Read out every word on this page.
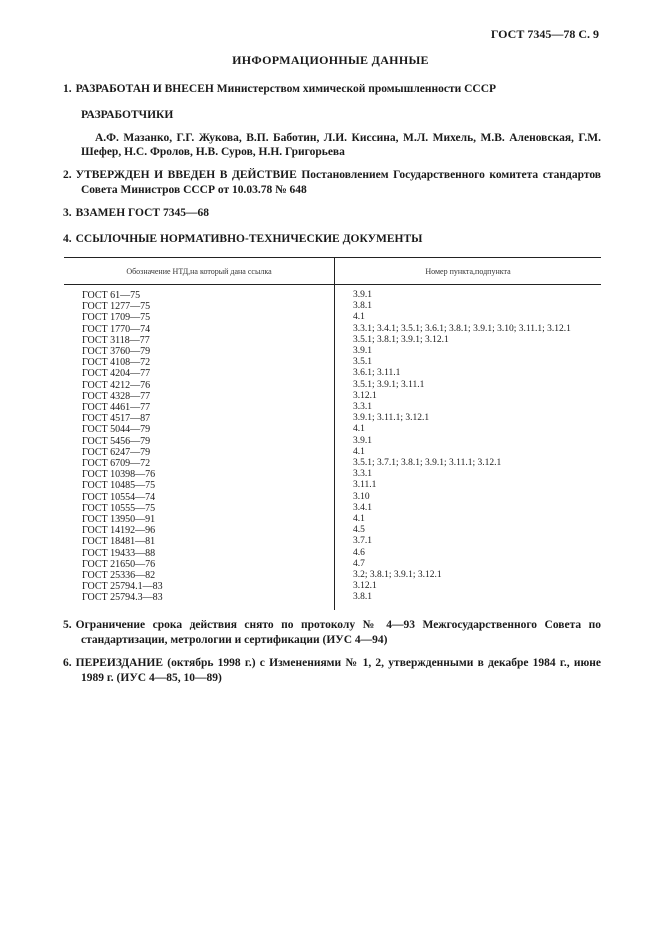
ГОСТ 7345—78 С. 9
ИНФОРМАЦИОННЫЕ ДАННЫЕ
1. РАЗРАБОТАН И ВНЕСЕН Министерством химической промышленности СССР
РАЗРАБОТЧИКИ
А.Ф. Мазанко, Г.Г. Жукова, В.П. Баботин, Л.И. Киссина, М.Л. Михель, М.В. Аленовская, Г.М. Шефер, Н.С. Фролов, Н.В. Суров, Н.Н. Григорьева
2. УТВЕРЖДЕН И ВВЕДЕН В ДЕЙСТВИЕ Постановлением Государственного комитета стандартов Совета Министров СССР от 10.03.78 № 648
3. ВЗАМЕН ГОСТ 7345—68
4. ССЫЛОЧНЫЕ НОРМАТИВНО-ТЕХНИЧЕСКИЕ ДОКУМЕНТЫ
Обозначение НТД,на который дана ссылка	Номер пункта,подпункта
ГОСТ 61—75	3.9.1
ГОСТ 1277—75	3.8.1
ГОСТ 1709—75	4.1
ГОСТ 1770—74	3.3.1; 3.4.1; 3.5.1; 3.6.1; 3.8.1; 3.9.1; 3.10; 3.11.1; 3.12.1
ГОСТ 3118—77	3.5.1; 3.8.1; 3.9.1; 3.12.1
ГОСТ 3760—79	3.9.1
ГОСТ 4108—72	3.5.1
ГОСТ 4204—77	3.6.1; 3.11.1
ГОСТ 4212—76	3.5.1; 3.9.1; 3.11.1
ГОСТ 4328—77	3.12.1
ГОСТ 4461—77	3.3.1
ГОСТ 4517—87	3.9.1; 3.11.1; 3.12.1
ГОСТ 5044—79	4.1
ГОСТ 5456—79	3.9.1
ГОСТ 6247—79	4.1
ГОСТ 6709—72	3.5.1; 3.7.1; 3.8.1; 3.9.1; 3.11.1; 3.12.1
ГОСТ 10398—76	3.3.1
ГОСТ 10485—75	3.11.1
ГОСТ 10554—74	3.10
ГОСТ 10555—75	3.4.1
ГОСТ 13950—91	4.1
ГОСТ 14192—96	4.5
ГОСТ 18481—81	3.7.1
ГОСТ 19433—88	4.6
ГОСТ 21650—76	4.7
ГОСТ 25336—82	3.2; 3.8.1; 3.9.1; 3.12.1
ГОСТ 25794.1—83	3.12.1
ГОСТ 25794.3—83	3.8.1
5. Ограничение срока действия снято по протоколу № 4—93 Межгосударственного Совета по стандартизации, метрологии и сертификации (ИУС 4—94)
6. ПЕРЕИЗДАНИЕ (октябрь 1998 г.) с Изменениями № 1, 2, утвержденными в декабре 1984 г., июне 1989 г. (ИУС 4—85, 10—89)
